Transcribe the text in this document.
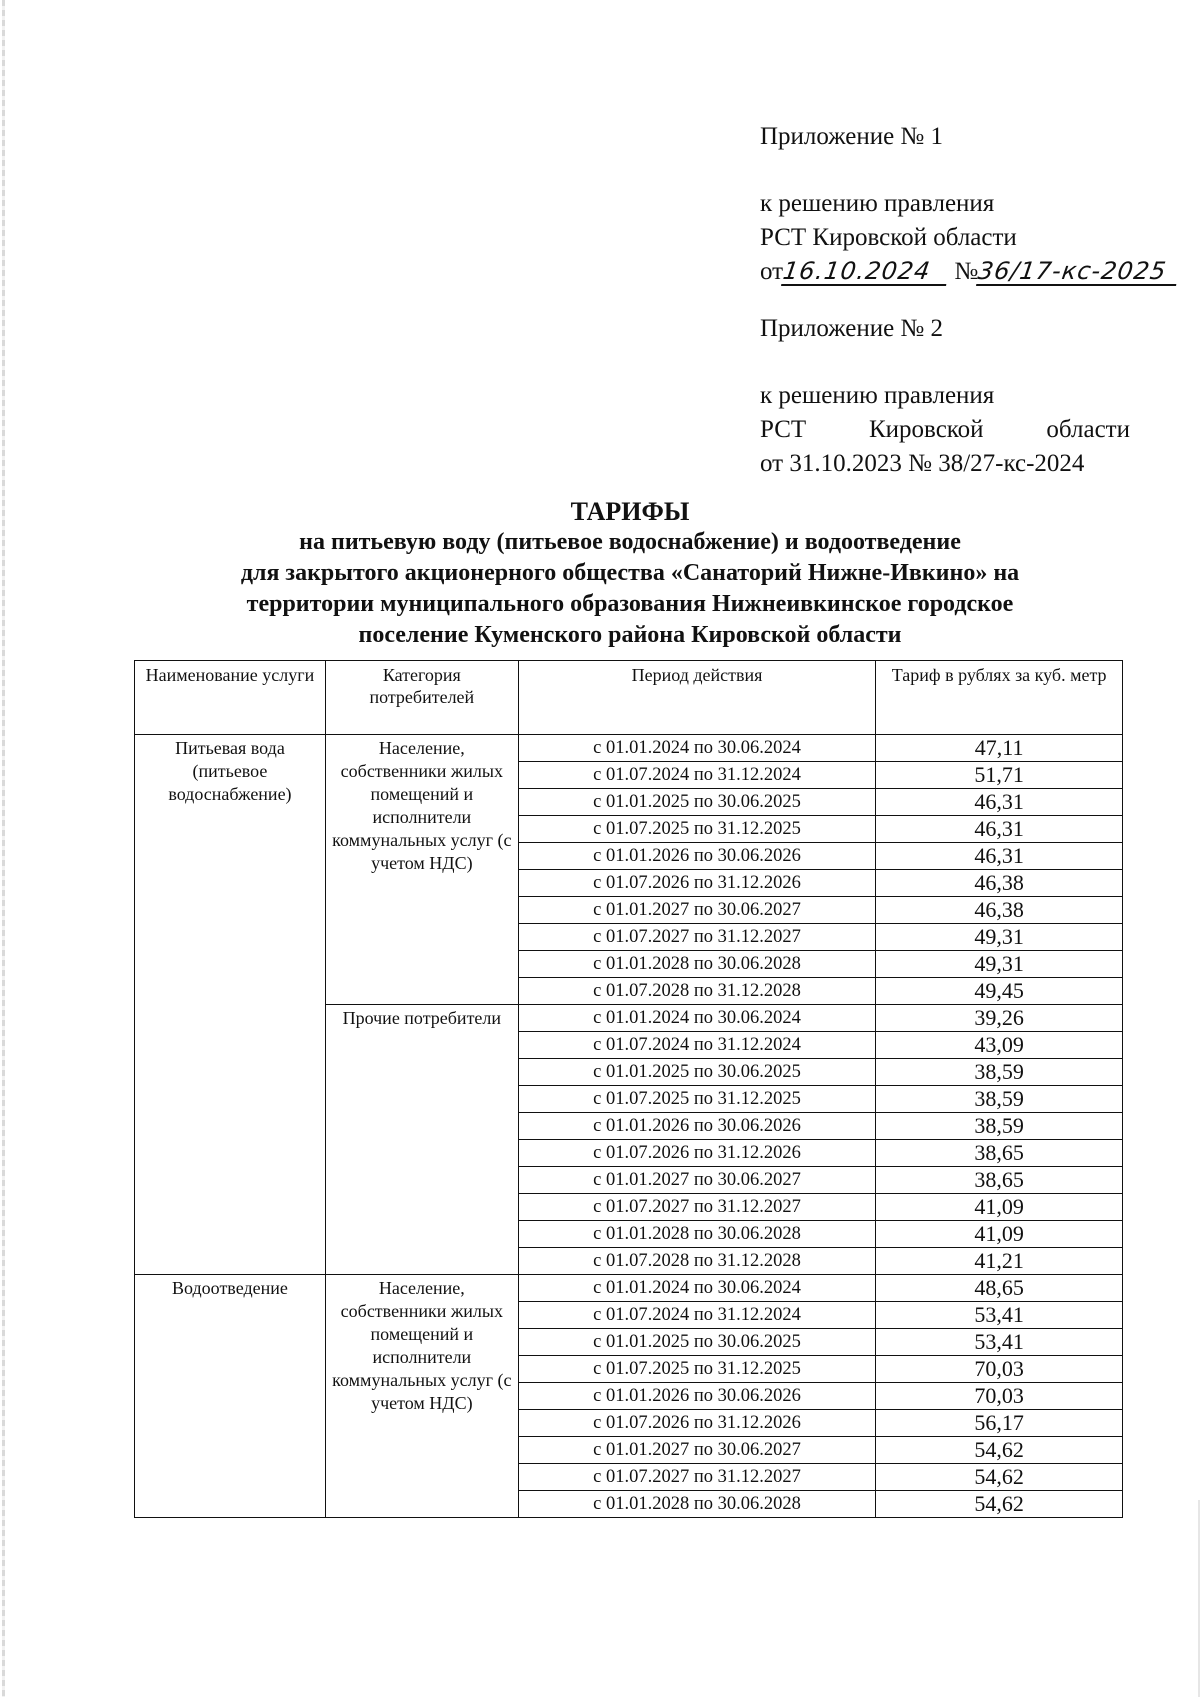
Приложение № 1
к решению правления
РСТ Кировской области
от16.10.2024 №36/17-кс-2025
Приложение № 2
к решению правления
РСТ	Кировской	области
от 31.10.2023 № 38/27-кс-2024
ТАРИФЫ
на питьевую воду (питьевое водоснабжение) и водоотведение
для закрытого акционерного общества «Санаторий Нижне-Ивкино» на
территории муниципального образования Нижнеивкинское городское
поселение Куменского района Кировской области
Наименование услуги	Категория потребителей	Период действия	Тариф в рублях за куб. метр
Питьевая вода (питьевое водоснабжение)	Население, собственники жилых помещений и исполнители коммунальных услуг (с учетом НДС)	с 01.01.2024 по 30.06.2024	47,11
		с 01.07.2024 по 31.12.2024	51,71
		с 01.01.2025 по 30.06.2025	46,31
		с 01.07.2025 по 31.12.2025	46,31
		с 01.01.2026 по 30.06.2026	46,31
		с 01.07.2026 по 31.12.2026	46,38
		с 01.01.2027 по 30.06.2027	46,38
		с 01.07.2027 по 31.12.2027	49,31
		с 01.01.2028 по 30.06.2028	49,31
		с 01.07.2028 по 31.12.2028	49,45
	Прочие потребители	с 01.01.2024 по 30.06.2024	39,26
		с 01.07.2024 по 31.12.2024	43,09
		с 01.01.2025 по 30.06.2025	38,59
		с 01.07.2025 по 31.12.2025	38,59
		с 01.01.2026 по 30.06.2026	38,59
		с 01.07.2026 по 31.12.2026	38,65
		с 01.01.2027 по 30.06.2027	38,65
		с 01.07.2027 по 31.12.2027	41,09
		с 01.01.2028 по 30.06.2028	41,09
		с 01.07.2028 по 31.12.2028	41,21
Водоотведение	Население, собственники жилых помещений и исполнители коммунальных услуг (с учетом НДС)	с 01.01.2024 по 30.06.2024	48,65
		с 01.07.2024 по 31.12.2024	53,41
		с 01.01.2025 по 30.06.2025	53,41
		с 01.07.2025 по 31.12.2025	70,03
		с 01.01.2026 по 30.06.2026	70,03
		с 01.07.2026 по 31.12.2026	56,17
		с 01.01.2027 по 30.06.2027	54,62
		с 01.07.2027 по 31.12.2027	54,62
		с 01.01.2028 по 30.06.2028	54,62
